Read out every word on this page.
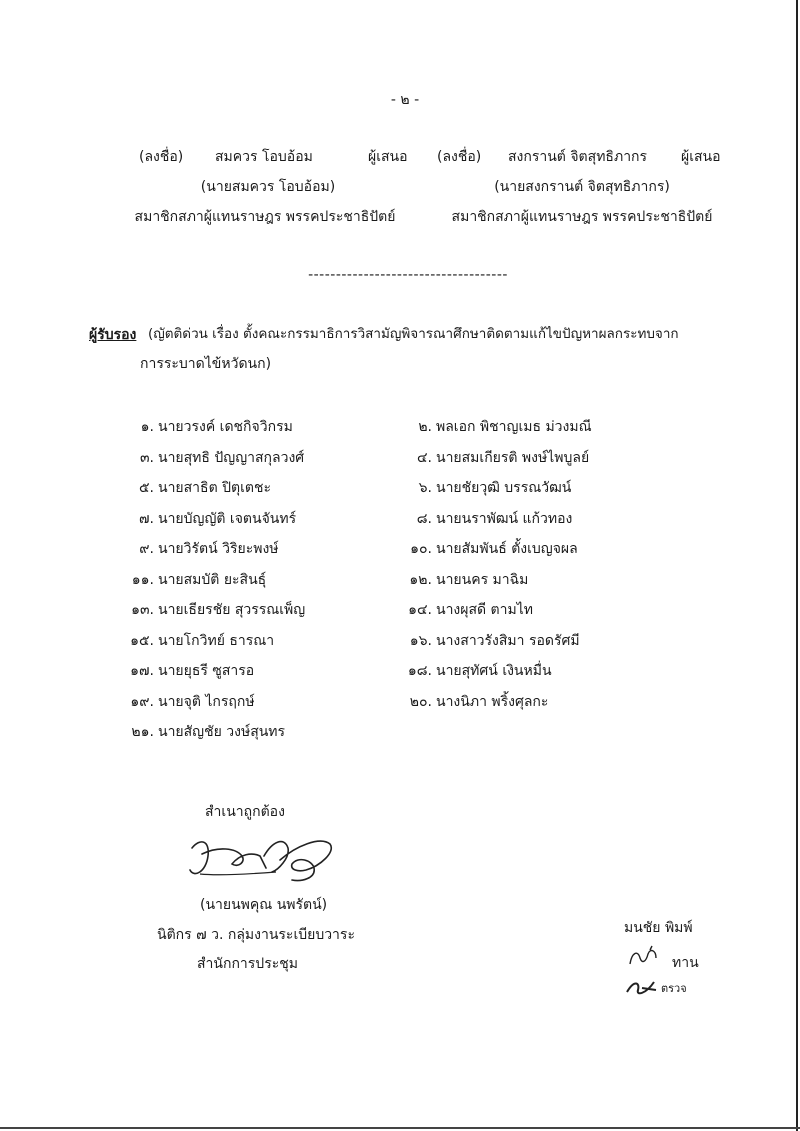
- ๒ -
(ลงชื่อ) สมควร โอบอ้อม	ผู้เสนอ
(นายสมควร โอบอ้อม)
สมาชิกสภาผู้แทนราษฎร พรรคประชาธิปัตย์
(ลงชื่อ) สงกรานต์ จิตสุทธิภากร ผู้เสนอ
(นายสงกรานต์ จิตสุทธิภากร)
สมาชิกสภาผู้แทนราษฎร พรรคประชาธิปัตย์
------------------------------------
ผู้รับรอง (ญัตติด่วน เรื่อง ตั้งคณะกรรมาธิการวิสามัญพิจารณาศึกษาติดตามแก้ไขปัญหาผลกระทบจาก
การระบาดไข้หวัดนก)
๑. นายวรงค์ เดชกิจวิกรม	๒. พลเอก พิชาญเมธ ม่วงมณี
๓. นายสุทธิ ปัญญาสกุลวงศ์	๔. นายสมเกียรติ พงษ์ไพบูลย์
๕. นายสาธิต ปิตุเตชะ	๖. นายชัยวุฒิ บรรณวัฒน์
๗. นายบัญญัติ เจตนจันทร์	๘. นายนราพัฒน์ แก้วทอง
๙. นายวิรัตน์ วิริยะพงษ์	๑๐. นายสัมพันธ์ ตั้งเบญจผล
๑๑. นายสมบัติ ยะสินธุ์	๑๒. นายนคร มาฉิม
๑๓. นายเธียรชัย สุวรรณเพ็ญ	๑๔. นางผุสดี ตามไท
๑๕. นายโกวิทย์ ธารณา	๑๖. นางสาวรังสิมา รอดรัศมี
๑๗. นายยุธรี ซูสารอ	๑๘. นายสุทัศน์ เงินหมื่น
๑๙. นายจุติ ไกรฤกษ์	๒๐. นางนิภา พริ้งศุลกะ
๒๑. นายสัญชัย วงษ์สุนทร
สำเนาถูกต้อง
(นายนพคุณ นพรัตน์)
นิติกร ๗ ว. กลุ่มงานระเบียบวาระ
สำนักการประชุม
มนชัย พิมพ์
ทาน
ตรวจ
